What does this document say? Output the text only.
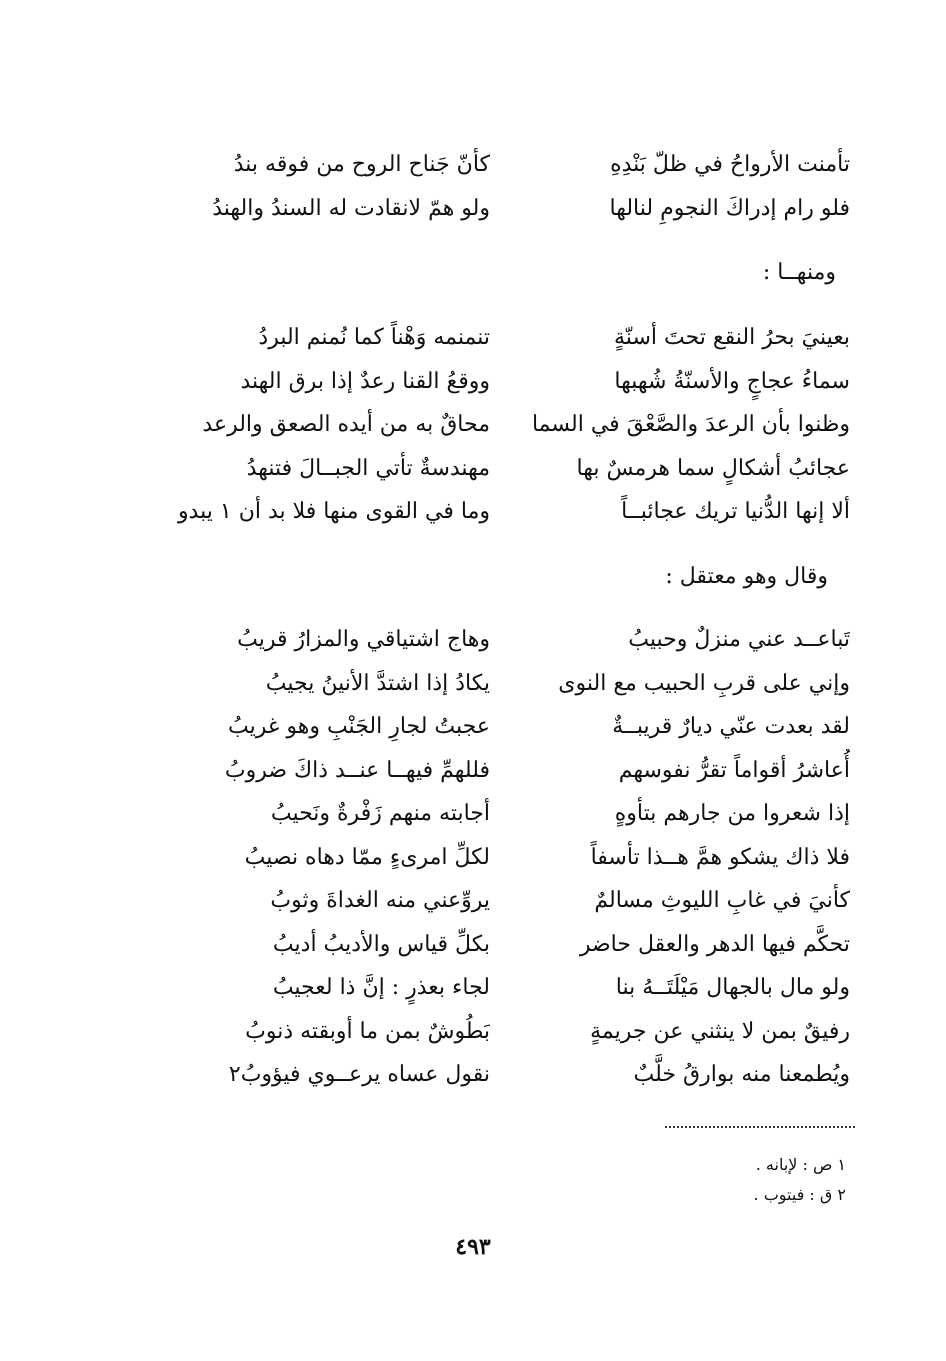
تأمنت الأرواحُ في ظلّ بَنْدِهِ
كأنّ جَناح الروح من فوقه بندُ
فلو رام إدراكَ النجومِ لنالها
ولو همّ لانقادت له السندُ والهندُ
ومنهــا :
بعينيَ بحرُ النقع تحتَ أسنّةٍ
تنمنمه وَهْناً كما نُمنم البردُ
سماءُ عجاجٍ والأسنّةُ شُهبها
ووقعُ القنا رعدٌ إذا برق الهند
وظنوا بأن الرعدَ والصَّعْقَ في السما
محاقٌ به من أيده الصعق والرعد
عجائبُ أشكالٍ سما هرمسٌ بها
مهندسةٌ تأتي الجبــالَ فتنهدُ
ألا إنها الدُّنيا تريك عجائبــاً
وما في القوى منها فلا بد أن ١ يبدو
وقال وهو معتقل :
تَباعــد عني منزلٌ وحبيبُ
وهاج اشتياقي والمزارُ قريبُ
وإني على قربِ الحبيب مع النوى
يكادُ إذا اشتدَّ الأنينُ يجيبُ
لقد بعدت عنّي ديارٌ قريبــةٌ
عجبتُ لجارِ الجَنْبِ وهو غريبُ
أُعاشرُ أقواماً تقرُّ نفوسهم
فللهمِّ فيهــا عنــد ذاكَ ضروبُ
إذا شعروا من جارهم بتأوهٍ
أجابته منهم زَفْرةٌ ونَحيبُ
فلا ذاك يشكو همَّ هــذا تأسفاً
لكلِّ امرىءٍ ممّا دهاه نصيبُ
كأنيَ في غابِ الليوثِ مسالمٌ
يروِّعني منه الغداةَ وثوبُ
تحكَّم فيها الدهر والعقل حاضر
بكلِّ قياس والأديبُ أديبُ
ولو مال بالجهال مَيْلَتَــهُ بنا
لجاء بعذرٍ : إنَّ ذا لعجيبُ
رفيقٌ بمن لا ينثني عن جريمةٍ
بَطُوشٌ بمن ما أوبقته ذنوبُ
ويُطمعنا منه بوارقُ خلَّبٌ
نقول عساه يرعــوي فيؤوبُ٢
١ ص : لإبانه .
٢ ق : فيتوب .
٤٩٣
